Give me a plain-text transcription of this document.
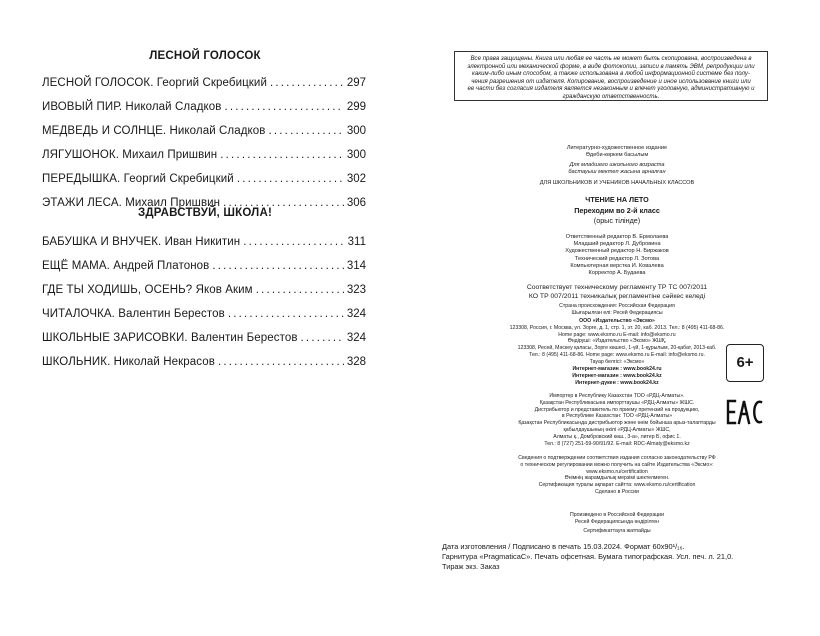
ЛЕСНОЙ ГОЛОСОК
ЛЕСНОЙ ГОЛОСОК. Георгий Скребицкий . . .	297
ИВОВЫЙ ПИР. Николай Сладков . . .	299
МЕДВЕДЬ И СОЛНЦЕ. Николай Сладков . . .	300
ЛЯГУШОНОК. Михаил Пришвин . . .	300
ПЕРЕДЫШКА. Георгий Скребицкий . . .	302
ЭТАЖИ ЛЕСА. Михаил Пришвин . . .	306
ЗДРАВСТВУЙ, ШКОЛА!
БАБУШКА И ВНУЧЕК. Иван Никитин . . .	311
ЕЩЁ МАМА. Андрей Платонов . . .	314
ГДЕ ТЫ ХОДИШЬ, ОСЕНЬ? Яков Аким . . .	323
ЧИТАЛОЧКА. Валентин Берестов . . .	324
ШКОЛЬНЫЕ ЗАРИСОВКИ. Валентин Берестов . . .	324
ШКОЛЬНИК. Николай Некрасов . . .	328
Все права защищены. Книга или любая ее часть не может быть скопирована, воспроизведена в
электронной или механической форме, в виде фотокопии, записи в память ЭВМ, репродукции или
каким-либо иным способом, а также использована в любой информационной системе без полу-
чения разрешения от издателя. Копирование, воспроизведение и иное использование книги или
ее части без согласия издателя является незаконным и влечет уголовную, административную и
гражданскую ответственность.
Литературно-художественное издание
Әдеби-көркем басылым
Для младшего школьного возраста
бастауыш мектеп жасына арналған
ДЛЯ ШКОЛЬНИКОВ И УЧЕНИКОВ НАЧАЛЬНЫХ КЛАССОВ
ЧТЕНИЕ НА ЛЕТО
Переходим во 2-й класс
(орыс тілінде)
Ответственный редактор В. Ермолаева
Младший редактор Л. Дубровина
Художественный редактор Н. Биржаков
Технический редактор Л. Зотова
Компьютерная верстка И. Ковалева
Корректор А. Будаева
Соответствует техническому регламенту ТР ТС 007/2011
КО ТР 007/2011 техникалық регламентіне сәйкес келеді
Страна происхождения: Российская Федерация
Шығарылған елі: Ресей Федерациясы
ООО «Издательство «Эксмо»
123308, Россия, г. Москва, ул. Зорге, д. 1, стр. 1, эт. 20, каб. 2013. Тел.: 8 (495) 411-68-86.
Home page: www.eksmo.ru E-mail: info@eksmo.ru
Өндіруші: «Издательство «Эксмо» ЖШҚ,
123308, Ресей, Мәскеу қаласы, Зорге көшесі, 1-үй, 1-құрылым, 20-қабат, 2013-каб.
Тел.: 8 (495) 411-68-86. Home page: www.eksmo.ru E-mail: info@eksmo.ru.
Тауар белгісі: «Эксмо»
Интернет-магазин : www.book24.ru
Интернет-магазин : www.book24.kz
Интернет-дүкен : www.book24.kz
Импортер в Республику Казахстан ТОО «РДЦ-Алматы».
Қазақстан Республикасына импорттаушы «РДЦ-Алматы» ЖШС.
Дистрибьютор и представитель по приему претензий на продукцию,
в Республике Казахстан: ТОО «РДЦ-Алматы»
Қазақстан Республикасында дистрибьютор және өнім бойынша арыз-талаптарды
қабылдаушының өкілі «РДЦ-Алматы» ЖШС,
Алматы қ., Домбровский көш., 3-а», литер Б, офис 1.
Тел.: 8 (727) 251-59-90/91/92. E-mail: RDC-Almaty@eksmo.kz
Сведения о подтверждении соответствия издания согласно законодательству РФ
о техническом регулировании можно получить на сайте Издательства «Эксмо»:
www.eksmo.ru/certification
Өнімнің жарамдылық мерзімі шектелмеген.
Сертификация туралы ақпарат сайтта: www.eksmo.ru/certification
Сделано в России
Произведено в Российской Федерации
Ресей Федерациясында өндірілген
Сертификаттауға жатпайды
Дата изготовления / Подписано в печать 15.03.2024. Формат 60х90¹/₁₆.
Гарнитура «PragmaticaC». Печать офсетная. Бумага типографская. Усл. печ. л. 21,0.
Тираж экз. Заказ
6+
